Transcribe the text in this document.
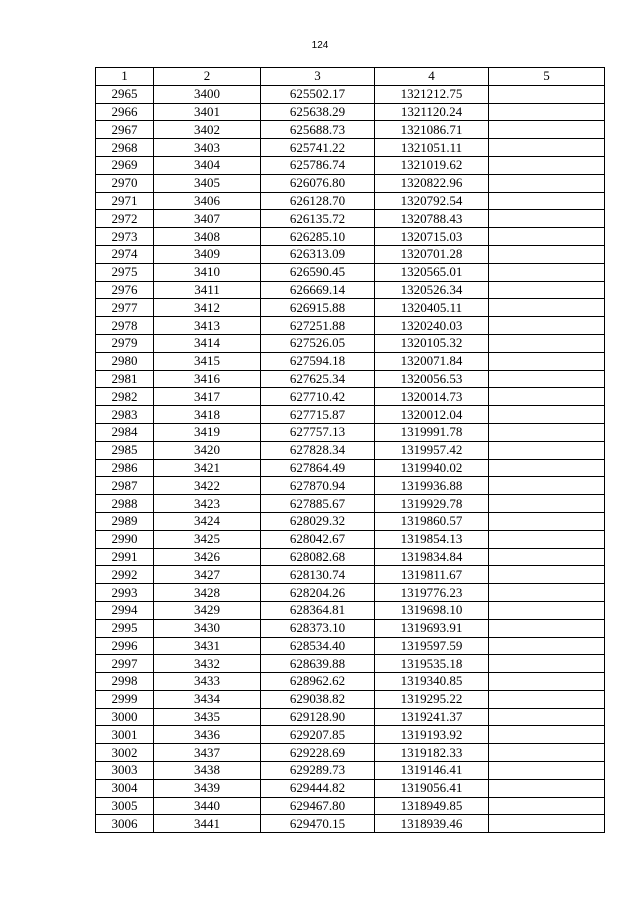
124
1	2	3	4	5
2965	3400	625502.17	1321212.75	
2966	3401	625638.29	1321120.24	
2967	3402	625688.73	1321086.71	
2968	3403	625741.22	1321051.11	
2969	3404	625786.74	1321019.62	
2970	3405	626076.80	1320822.96	
2971	3406	626128.70	1320792.54	
2972	3407	626135.72	1320788.43	
2973	3408	626285.10	1320715.03	
2974	3409	626313.09	1320701.28	
2975	3410	626590.45	1320565.01	
2976	3411	626669.14	1320526.34	
2977	3412	626915.88	1320405.11	
2978	3413	627251.88	1320240.03	
2979	3414	627526.05	1320105.32	
2980	3415	627594.18	1320071.84	
2981	3416	627625.34	1320056.53	
2982	3417	627710.42	1320014.73	
2983	3418	627715.87	1320012.04	
2984	3419	627757.13	1319991.78	
2985	3420	627828.34	1319957.42	
2986	3421	627864.49	1319940.02	
2987	3422	627870.94	1319936.88	
2988	3423	627885.67	1319929.78	
2989	3424	628029.32	1319860.57	
2990	3425	628042.67	1319854.13	
2991	3426	628082.68	1319834.84	
2992	3427	628130.74	1319811.67	
2993	3428	628204.26	1319776.23	
2994	3429	628364.81	1319698.10	
2995	3430	628373.10	1319693.91	
2996	3431	628534.40	1319597.59	
2997	3432	628639.88	1319535.18	
2998	3433	628962.62	1319340.85	
2999	3434	629038.82	1319295.22	
3000	3435	629128.90	1319241.37	
3001	3436	629207.85	1319193.92	
3002	3437	629228.69	1319182.33	
3003	3438	629289.73	1319146.41	
3004	3439	629444.82	1319056.41	
3005	3440	629467.80	1318949.85	
3006	3441	629470.15	1318939.46	
